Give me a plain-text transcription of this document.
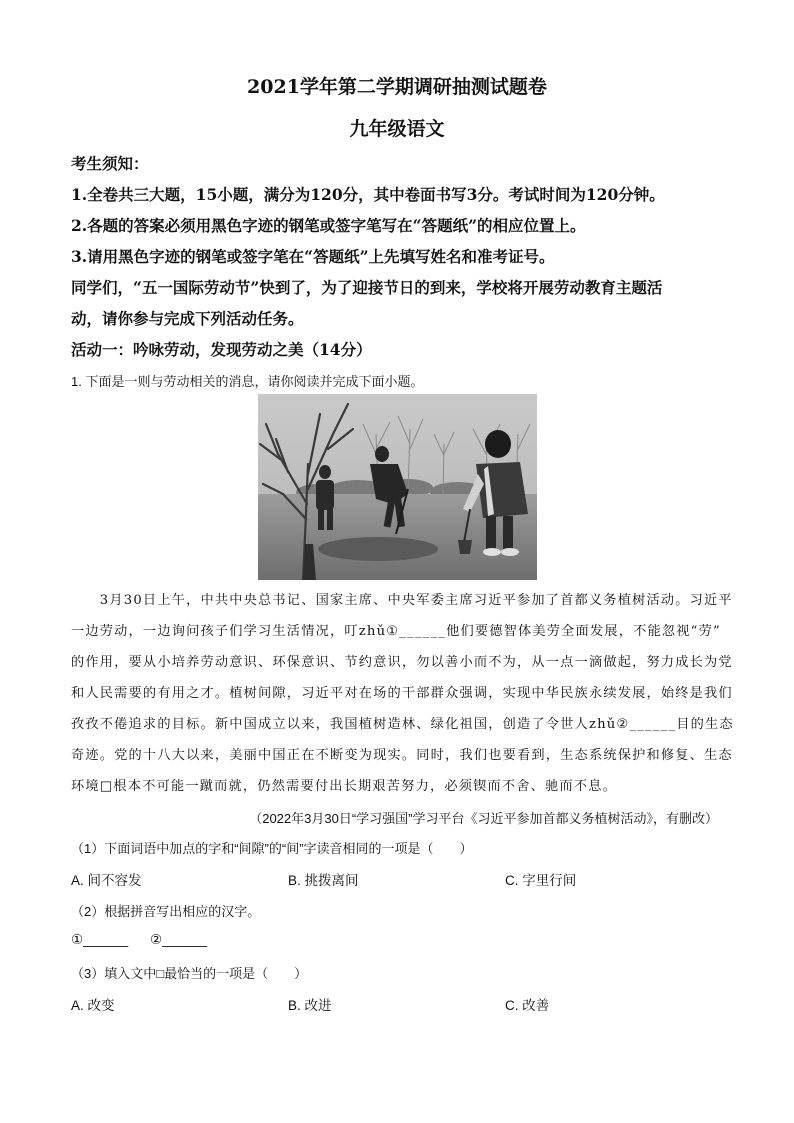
2021学年第二学期调研抽测试题卷
九年级语文
考生须知：
1.全卷共三大题，15小题，满分为120分，其中卷面书写3分。考试时间为120分钟。
2.各题的答案必须用黑色字迹的钢笔或签字笔写在“答题纸”的相应位置上。
3.请用黑色字迹的钢笔或签字笔在“答题纸”上先填写姓名和准考证号。
同学们，“五一国际劳动节”快到了，为了迎接节日的到来，学校将开展劳动教育主题活
动，请你参与完成下列活动任务。
活动一：吟咏劳动，发现劳动之美（14分）
1. 下面是一则与劳动相关的消息，请你阅读并完成下面小题。
　　3月30日上午，中共中央总书记、国家主席、中央军委主席习近平参加了首都义务植树活动。习近平
一边劳动，一边询问孩子们学习生活情况，叮zhǔ①______他们要德智体美劳全面发展，不能忽视“劳”
的作用，要从小培养劳动意识、环保意识、节约意识，勿以善小而不为，从一点一滴做起，努力成长为党
和人民需要的有用之才。植树间隙，习近平对在场的干部群众强调，实现中华民族永续发展，始终是我们
孜孜不倦追求的目标。新中国成立以来，我国植树造林、绿化祖国，创造了令世人zhǔ②______目的生态
奇迹。党的十八大以来，美丽中国正在不断变为现实。同时，我们也要看到，生态系统保护和修复、生态
环境□根本不可能一蹴而就，仍然需要付出长期艰苦努力，必须锲而不舍、驰而不息。
（2022年3月30日“学习强国”学习平台《习近平参加首都义务植树活动》，有删改）
（1）下面词语中加点的字和“间隙”的“间”字读音相同的一项是（　　）
A. 间不容发	B. 挑拨离间	C. 字里行间
（2）根据拼音写出相应的汉字。
①______ ②______
（3）填入文中□最恰当的一项是（　　）
A. 改变	B. 改进	C. 改善
